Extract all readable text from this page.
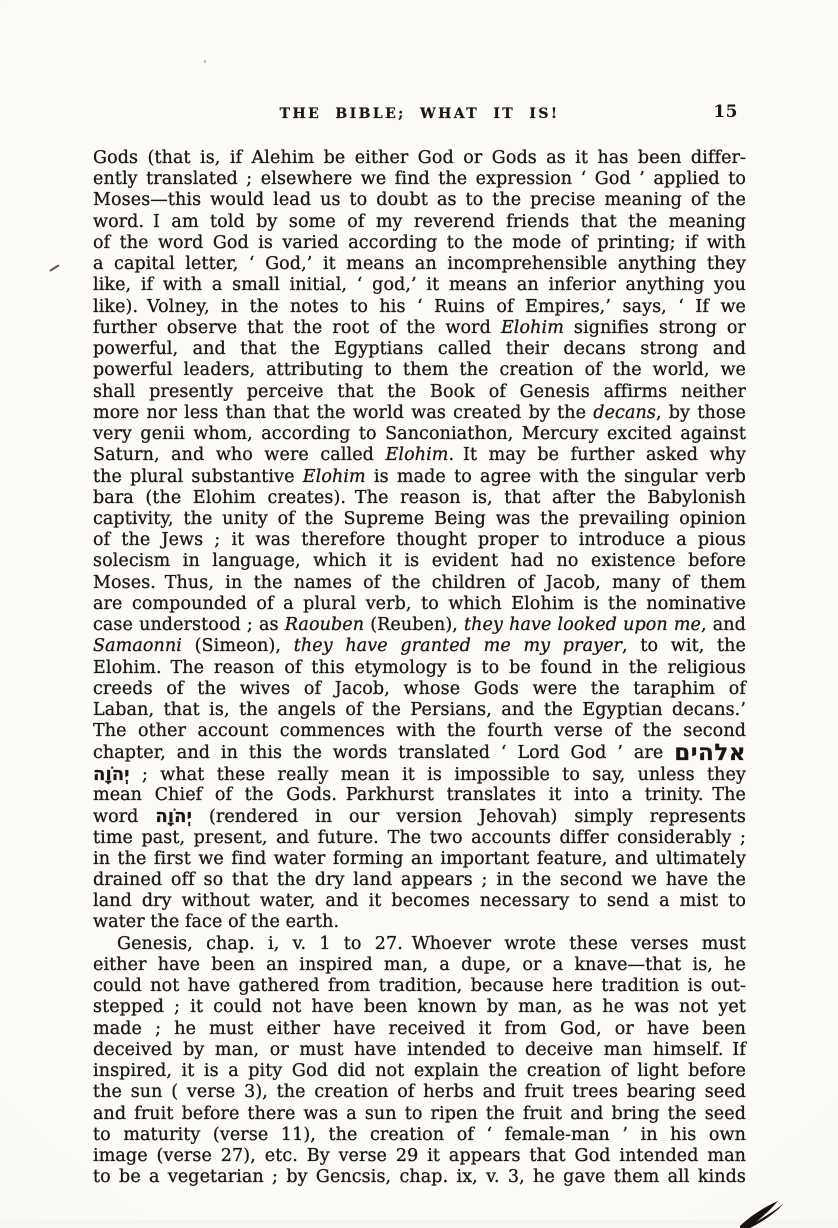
THE BIBLE; WHAT IT IS!	15
Gods (that is, if Alehim be either God or Gods as it has been differ-
ently translated ; elsewhere we find the expression ‘ God ’ applied to
Moses—this would lead us to doubt as to the precise meaning of the
word. I am told by some of my reverend friends that the meaning
of the word God is varied according to the mode of printing; if with
a capital letter, ‘ God,’ it means an incomprehensible anything they
like, if with a small initial, ‘ god,’ it means an inferior anything you
like). Volney, in the notes to his ‘ Ruins of Empires,’ says, ‘ If we
further observe that the root of the word Elohim signifies strong or
powerful, and that the Egyptians called their decans strong and
powerful leaders, attributing to them the creation of the world, we
shall presently perceive that the Book of Genesis affirms neither
more nor less than that the world was created by the decans, by those
very genii whom, according to Sanconiathon, Mercury excited against
Saturn, and who were called Elohim. It may be further asked why
the plural substantive Elohim is made to agree with the singular verb
bara (the Elohim creates). The reason is, that after the Babylonish
captivity, the unity of the Supreme Being was the prevailing opinion
of the Jews ; it was therefore thought proper to introduce a pious
solecism in language, which it is evident had no existence before
Moses. Thus, in the names of the children of Jacob, many of them
are compounded of a plural verb, to which Elohim is the nominative
case understood ; as Raouben (Reuben), they have looked upon me, and
Samaonni (Simeon), they have granted me my prayer, to wit, the
Elohim. The reason of this etymology is to be found in the religious
creeds of the wives of Jacob, whose Gods were the taraphim of
Laban, that is, the angels of the Persians, and the Egyptian decans.’
The other account commences with the fourth verse of the second
chapter, and in this the words translated ‘ Lord God ’ are אלהים
יְהֹוָה ; what these really mean it is impossible to say, unless they
mean Chief of the Gods. Parkhurst translates it into a trinity. The
word יְהֹוָה (rendered in our version Jehovah) simply represents
time past, present, and future. The two accounts differ considerably ;
in the first we find water forming an important feature, and ultimately
drained off so that the dry land appears ; in the second we have the
land dry without water, and it becomes necessary to send a mist to
water the face of the earth.
Genesis, chap. i, v. 1 to 27. Whoever wrote these verses must
either have been an inspired man, a dupe, or a knave—that is, he
could not have gathered from tradition, because here tradition is out-
stepped ; it could not have been known by man, as he was not yet
made ; he must either have received it from God, or have been
deceived by man, or must have intended to deceive man himself. If
inspired, it is a pity God did not explain the creation of light before
the sun ( verse 3), the creation of herbs and fruit trees bearing seed
and fruit before there was a sun to ripen the fruit and bring the seed
to maturity (verse 11), the creation of ‘ female-man ’ in his own
image (verse 27), etc. By verse 29 it appears that God intended man
to be a vegetarian ; by Gencsis, chap. ix, v. 3, he gave them all kinds
